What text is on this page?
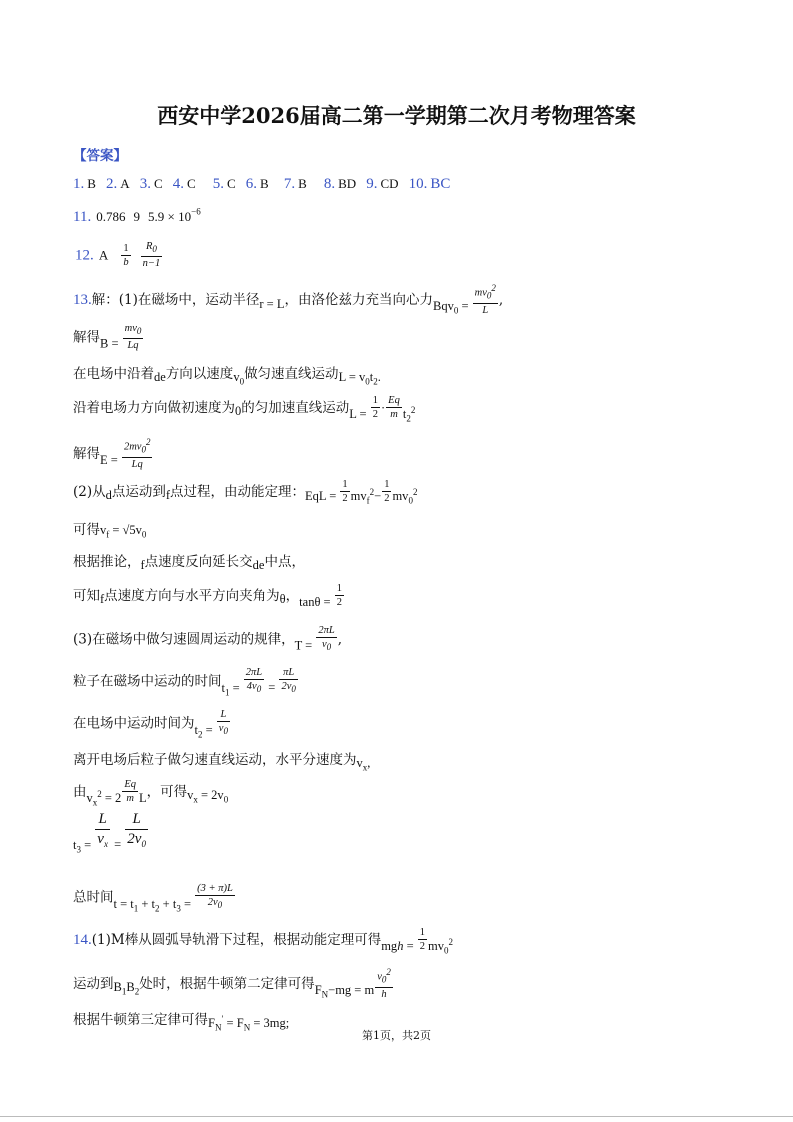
西安中学2026届高二第一学期第二次月考物理答案
【答案】
1. B 2. A 3. C 4. C 5. C 6. B 7. B 8. BD 9. CD 10. BC
11. 0.786 9 $5.9 \times 10^{-6}$
12. A $\frac{1}{b}$
$\frac{R_0}{n-1}$
13.解：(1)在磁场中，运动半径$_{r = L}$，由洛伦兹力充当向心力$_{Bqv_0 =} \frac{mv_0^2}{L}$ ,
解得$_{B =} \frac{mv_0}{Lq}$
在电场中沿着de方向以速度$v_0$做匀速直线运动$L = v_0t_2$.
沿着电场力方向做初速度为0的匀加速直线运动$_{L =} \frac{1}{2} \cdot \frac{Eq}{m} _{t_2^2}$
解得$_{E =} \frac{2mv_0^2}{Lq}$
(2)从d点运动到f点过程，由动能定理：$_{EqL =} \frac{1}{2} _{mv_f^2-} \frac{1}{2} _{mv_0^2}$
可得$v_f = √5v_0$
根据推论，f点速度反向延长交de中点，
可知f点速度方向与水平方向夹角为θ，$_{tan\theta =} \frac{1}{2}$
(3)在磁场中做匀速圆周运动的规律，$_{T =} \frac{2\pi L}{v_0}$ ,
粒子在磁场中运动的时间$_{t_1 =} \frac{2\pi L}{4v_0} _= \frac{\pi L}{2v_0}$
在电场中运动时间为$_{t_2 =} \frac{L}{v_0}$
离开电场后粒子做匀速直线运动，水平分速度为$v_x$,
由$_{v_x^2 = 2} \frac{Eq}{m} _L$，可得$v_x = 2v_0$
$_{t_3 =} \frac{L}{v_x} _= \frac{L}{2v_0}$
总时间$_{t = t_1 + t_2 + t_3 =} \frac{(3 + \pi)L}{2v_0}$
14.(1)M棒从圆弧导轨滑下过程，根据动能定理可得$_{mgh =} \frac{1}{2} _{mv_0^2}$
运动到$B_1B_2$处时，根据牛顿第二定律可得$_{F_N-mg = m} \frac{v_0^2}{h}$
根据牛顿第三定律可得$F_N' = F_N = 3mg$;
第1页，共2页
